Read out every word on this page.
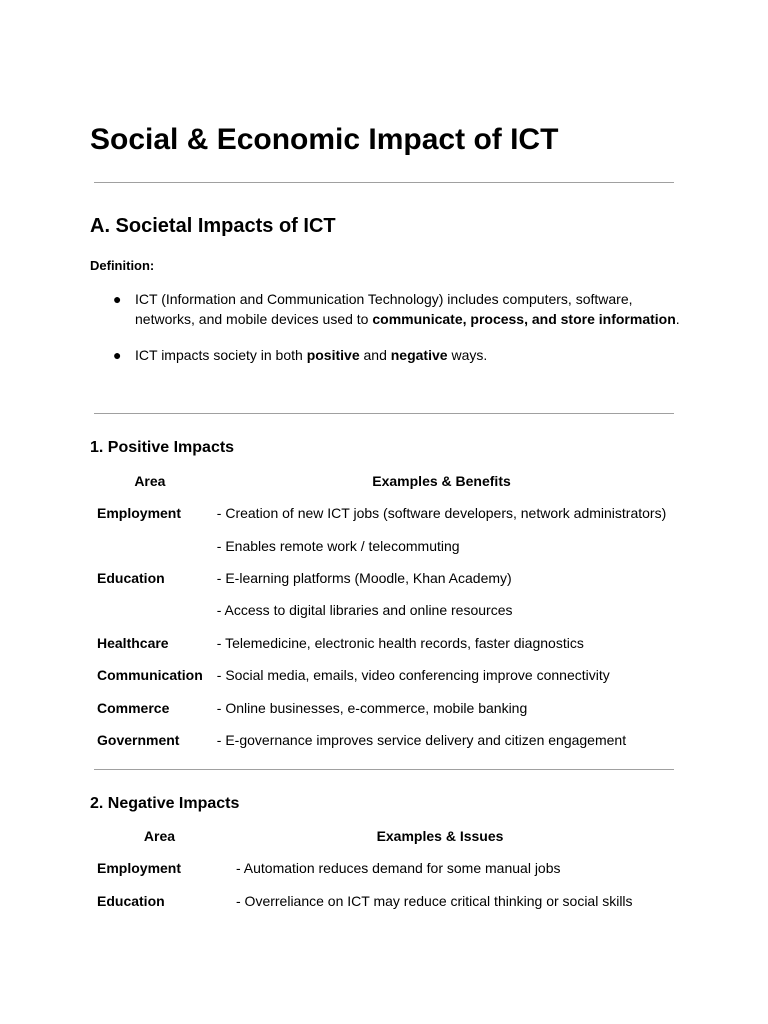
Social & Economic Impact of ICT
A. Societal Impacts of ICT

Definition:

● ICT (Information and Communication Technology) includes computers, software, networks, and mobile devices used to communicate, process, and store information.
● ICT impacts society in both positive and negative ways.
1. Positive Impacts
Area	Examples & Benefits
Employment	- Creation of new ICT jobs (software developers, network administrators)
	- Enables remote work / telecommuting
Education	- E-learning platforms (Moodle, Khan Academy)
	- Access to digital libraries and online resources
Healthcare	- Telemedicine, electronic health records, faster diagnostics
Communication	- Social media, emails, video conferencing improve connectivity
Commerce	- Online businesses, e-commerce, mobile banking
Government	- E-governance improves service delivery and citizen engagement
2. Negative Impacts
Area	Examples & Issues
Employment	- Automation reduces demand for some manual jobs
Education	- Overreliance on ICT may reduce critical thinking or social skills
